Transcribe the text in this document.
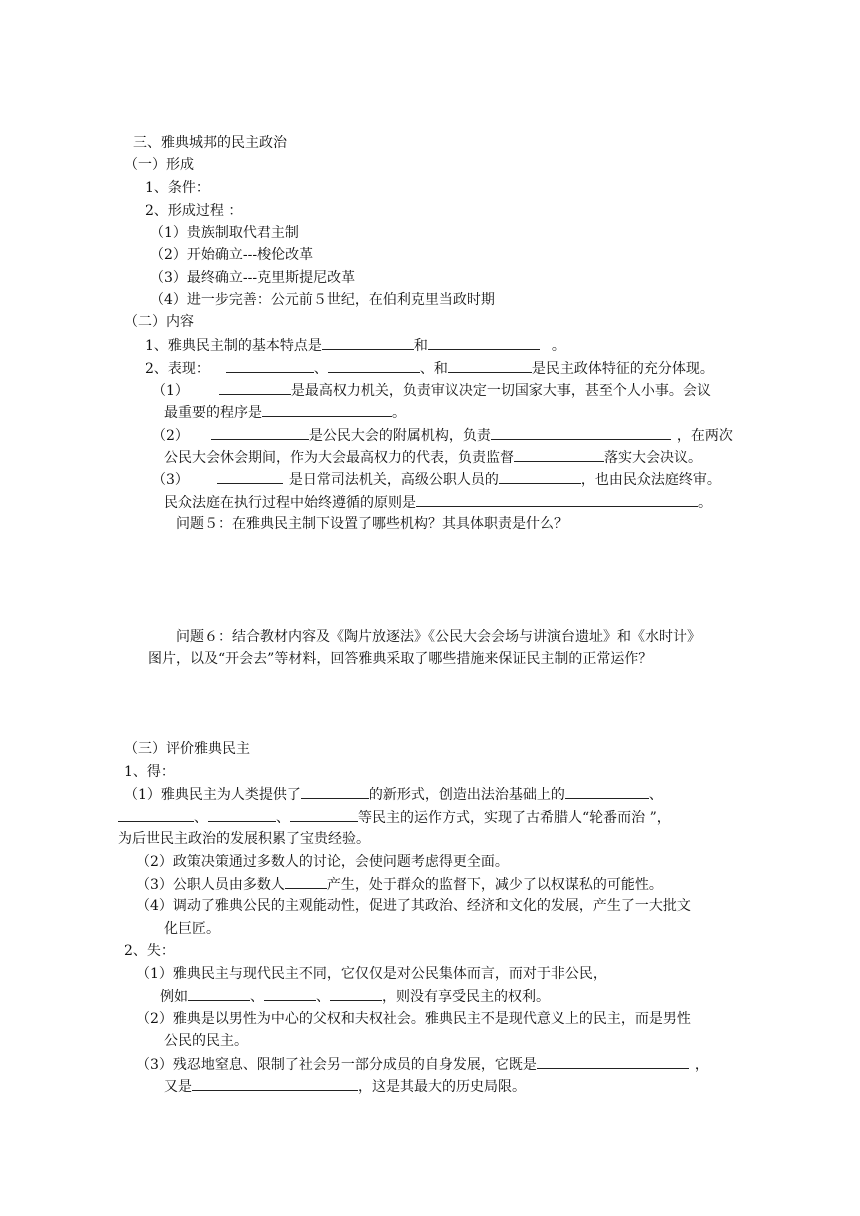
三、雅典城邦的民主政治
（一）形成
1、条件：
2、形成过程 ：
（1）贵族制取代君主制
（2）开始确立---梭伦改革
（3）最终确立---克里斯提尼改革
（4）进一步完善：公元前５世纪，在伯利克里当政时期
（二）内容
1、雅典民主制的基本特点是	和	。
2、表现：	、	、和	是民主政体特征的充分体现。
（1）	是最高权力机关，负责审议决定一切国家大事，甚至个人小事。会议
最重要的程序是	。
（2）	是公民大会的附属机构，负责	，在两次
公民大会休会期间，作为大会最高权力的代表，负责监督	落实大会决议。
（3）	是日常司法机关，高级公职人员的	，也由民众法庭终审。
民众法庭在执行过程中始终遵循的原则是	。
问题５：在雅典民主制下设置了哪些机构？其具体职责是什么？
问题６：结合教材内容及《陶片放逐法》《公民大会会场与讲演台遗址》和《水时计》
图片，以及“开会去”等材料，回答雅典采取了哪些措施来保证民主制的正常运作？
（三）评价雅典民主
1、得：
（1）雅典民主为人类提供了	的新形式，创造出法治基础上的	、
、	、	等民主的运作方式，实现了古希腊人“轮番而治 ”，
为后世民主政治的发展积累了宝贵经验。
（2）政策决策通过多数人的讨论，会使问题考虑得更全面。
（3）公职人员由多数人	产生，处于群众的监督下，减少了以权谋私的可能性。
（4）调动了雅典公民的主观能动性，促进了其政治、经济和文化的发展，产生了一大批文
化巨匠。
2、失：
（1）雅典民主与现代民主不同，它仅仅是对公民集体而言，而对于非公民，
例如	、	、	，则没有享受民主的权利。
（2）雅典是以男性为中心的父权和夫权社会。雅典民主不是现代意义上的民主，而是男性
公民的民主。
（3）残忍地窒息、限制了社会另一部分成员的自身发展，它既是	，
又是	，这是其最大的历史局限。
